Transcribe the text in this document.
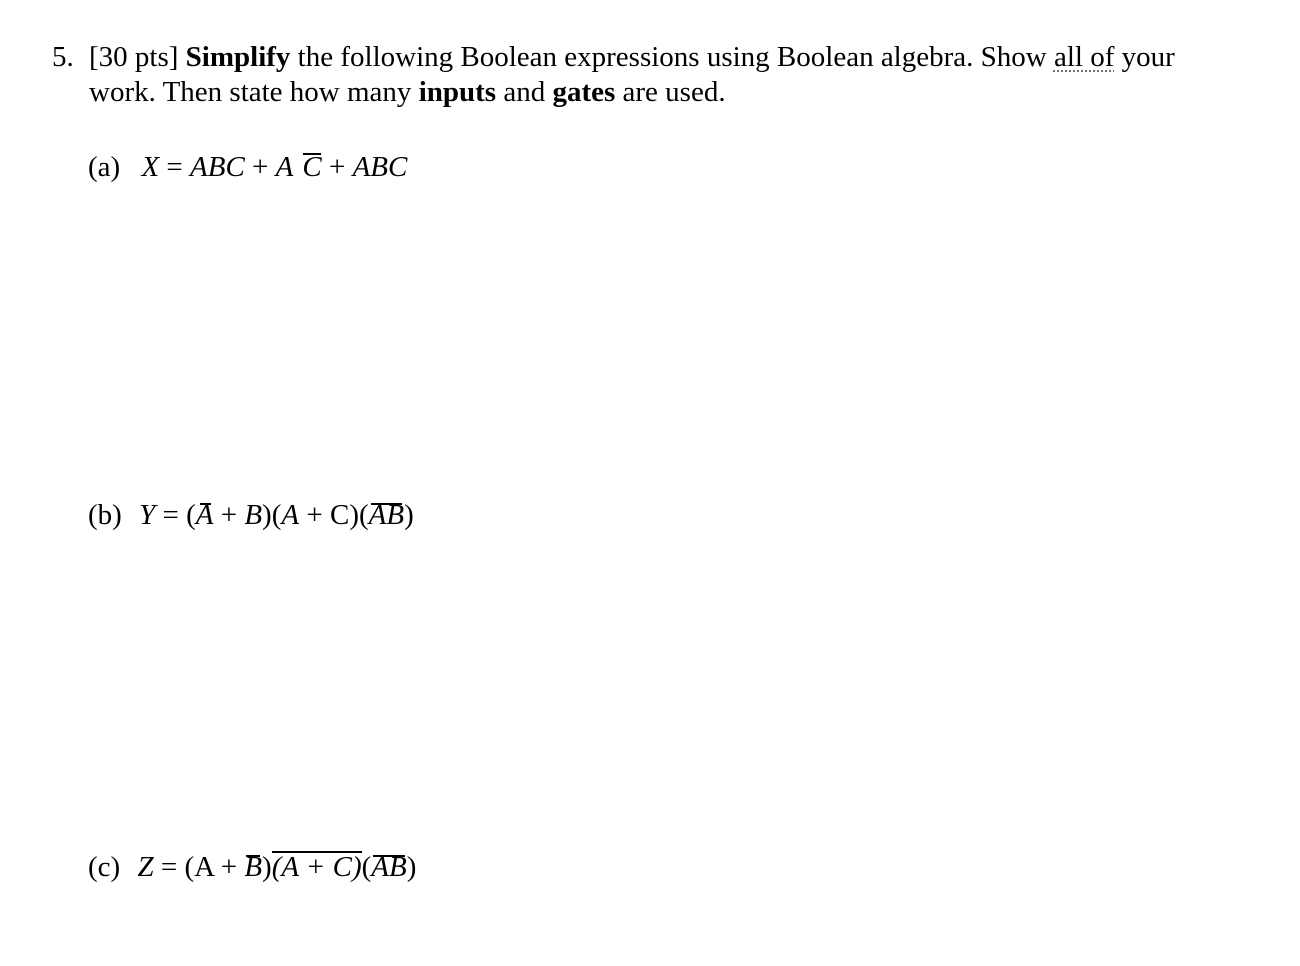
5. [30 pts] Simplify the following Boolean expressions using Boolean algebra. Show all of your work. Then state how many inputs and gates are used.
(a) X = ABC + A C + ABC
(b) Y = (A + B)(A + C)(AB)
(c) Z = (A + B)(A + C)(AB)
